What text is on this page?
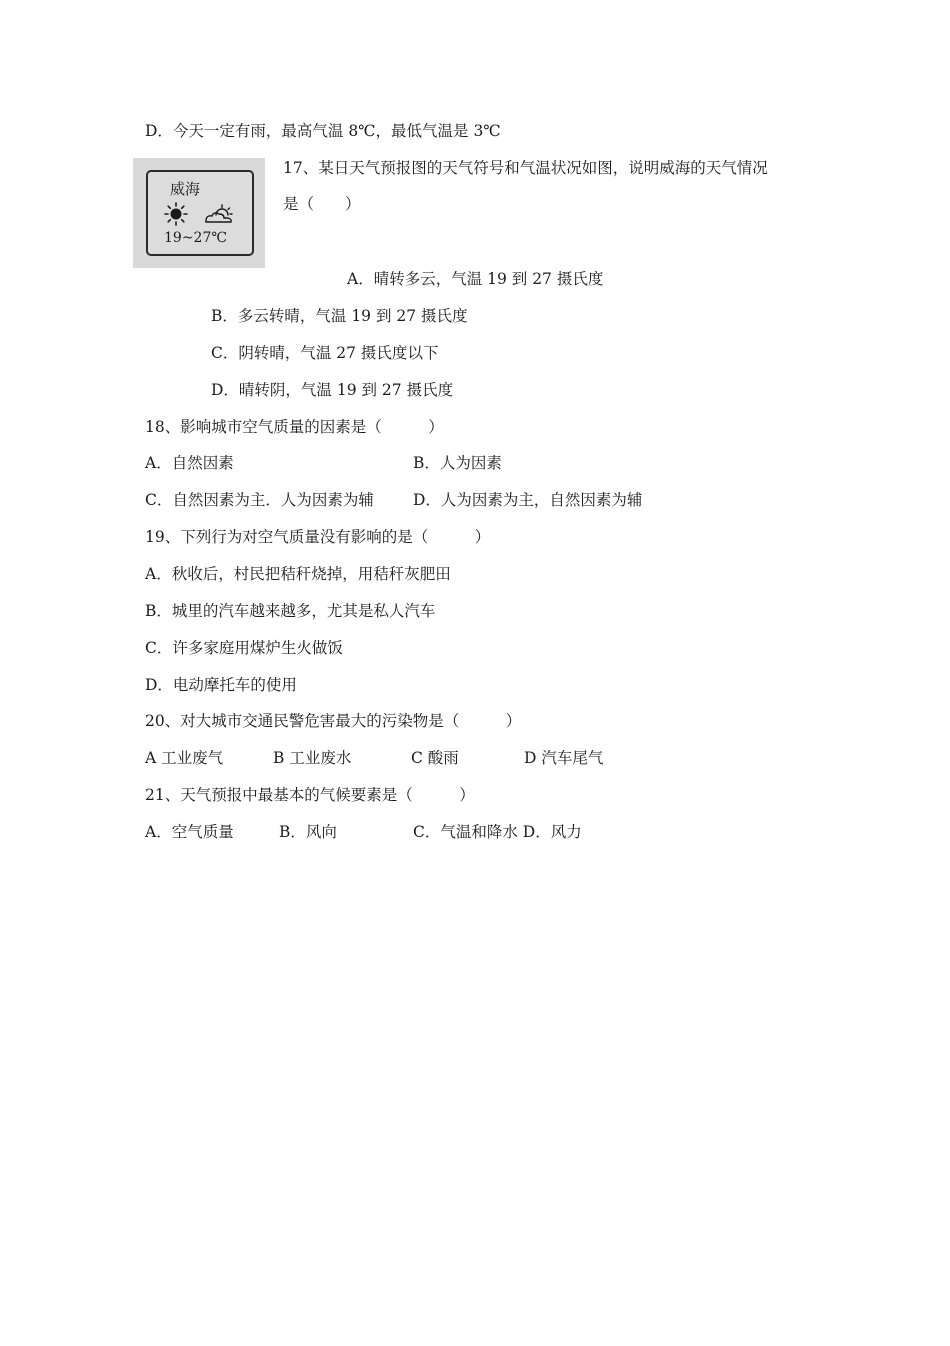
D．今天一定有雨，最高气温 8℃，最低气温是 3℃
威海
19~27℃
17、某日天气预报图的天气符号和气温状况如图，说明威海的天气情况
是（　　）
A．晴转多云，气温 19 到 27 摄氏度
B．多云转晴，气温 19 到 27 摄氏度
C．阴转晴，气温 27 摄氏度以下
D．晴转阴，气温 19 到 27 摄氏度
18、影响城市空气质量的因素是（　　　）
A．自然因素	B．人为因素
C．自然因素为主．人为因素为辅	D．人为因素为主，自然因素为辅
19、下列行为对空气质量没有影响的是（　　　）
A．秋收后，村民把秸秆烧掉，用秸秆灰肥田
B．城里的汽车越来越多，尤其是私人汽车
C．许多家庭用煤炉生火做饭
D．电动摩托车的使用
20、对大城市交通民警危害最大的污染物是（　　　）
A 工业废气	B 工业废水	C 酸雨	D 汽车尾气
21、天气预报中最基本的气候要素是（　　　）
A．空气质量	B．风向	C．气温和降水 D．风力
